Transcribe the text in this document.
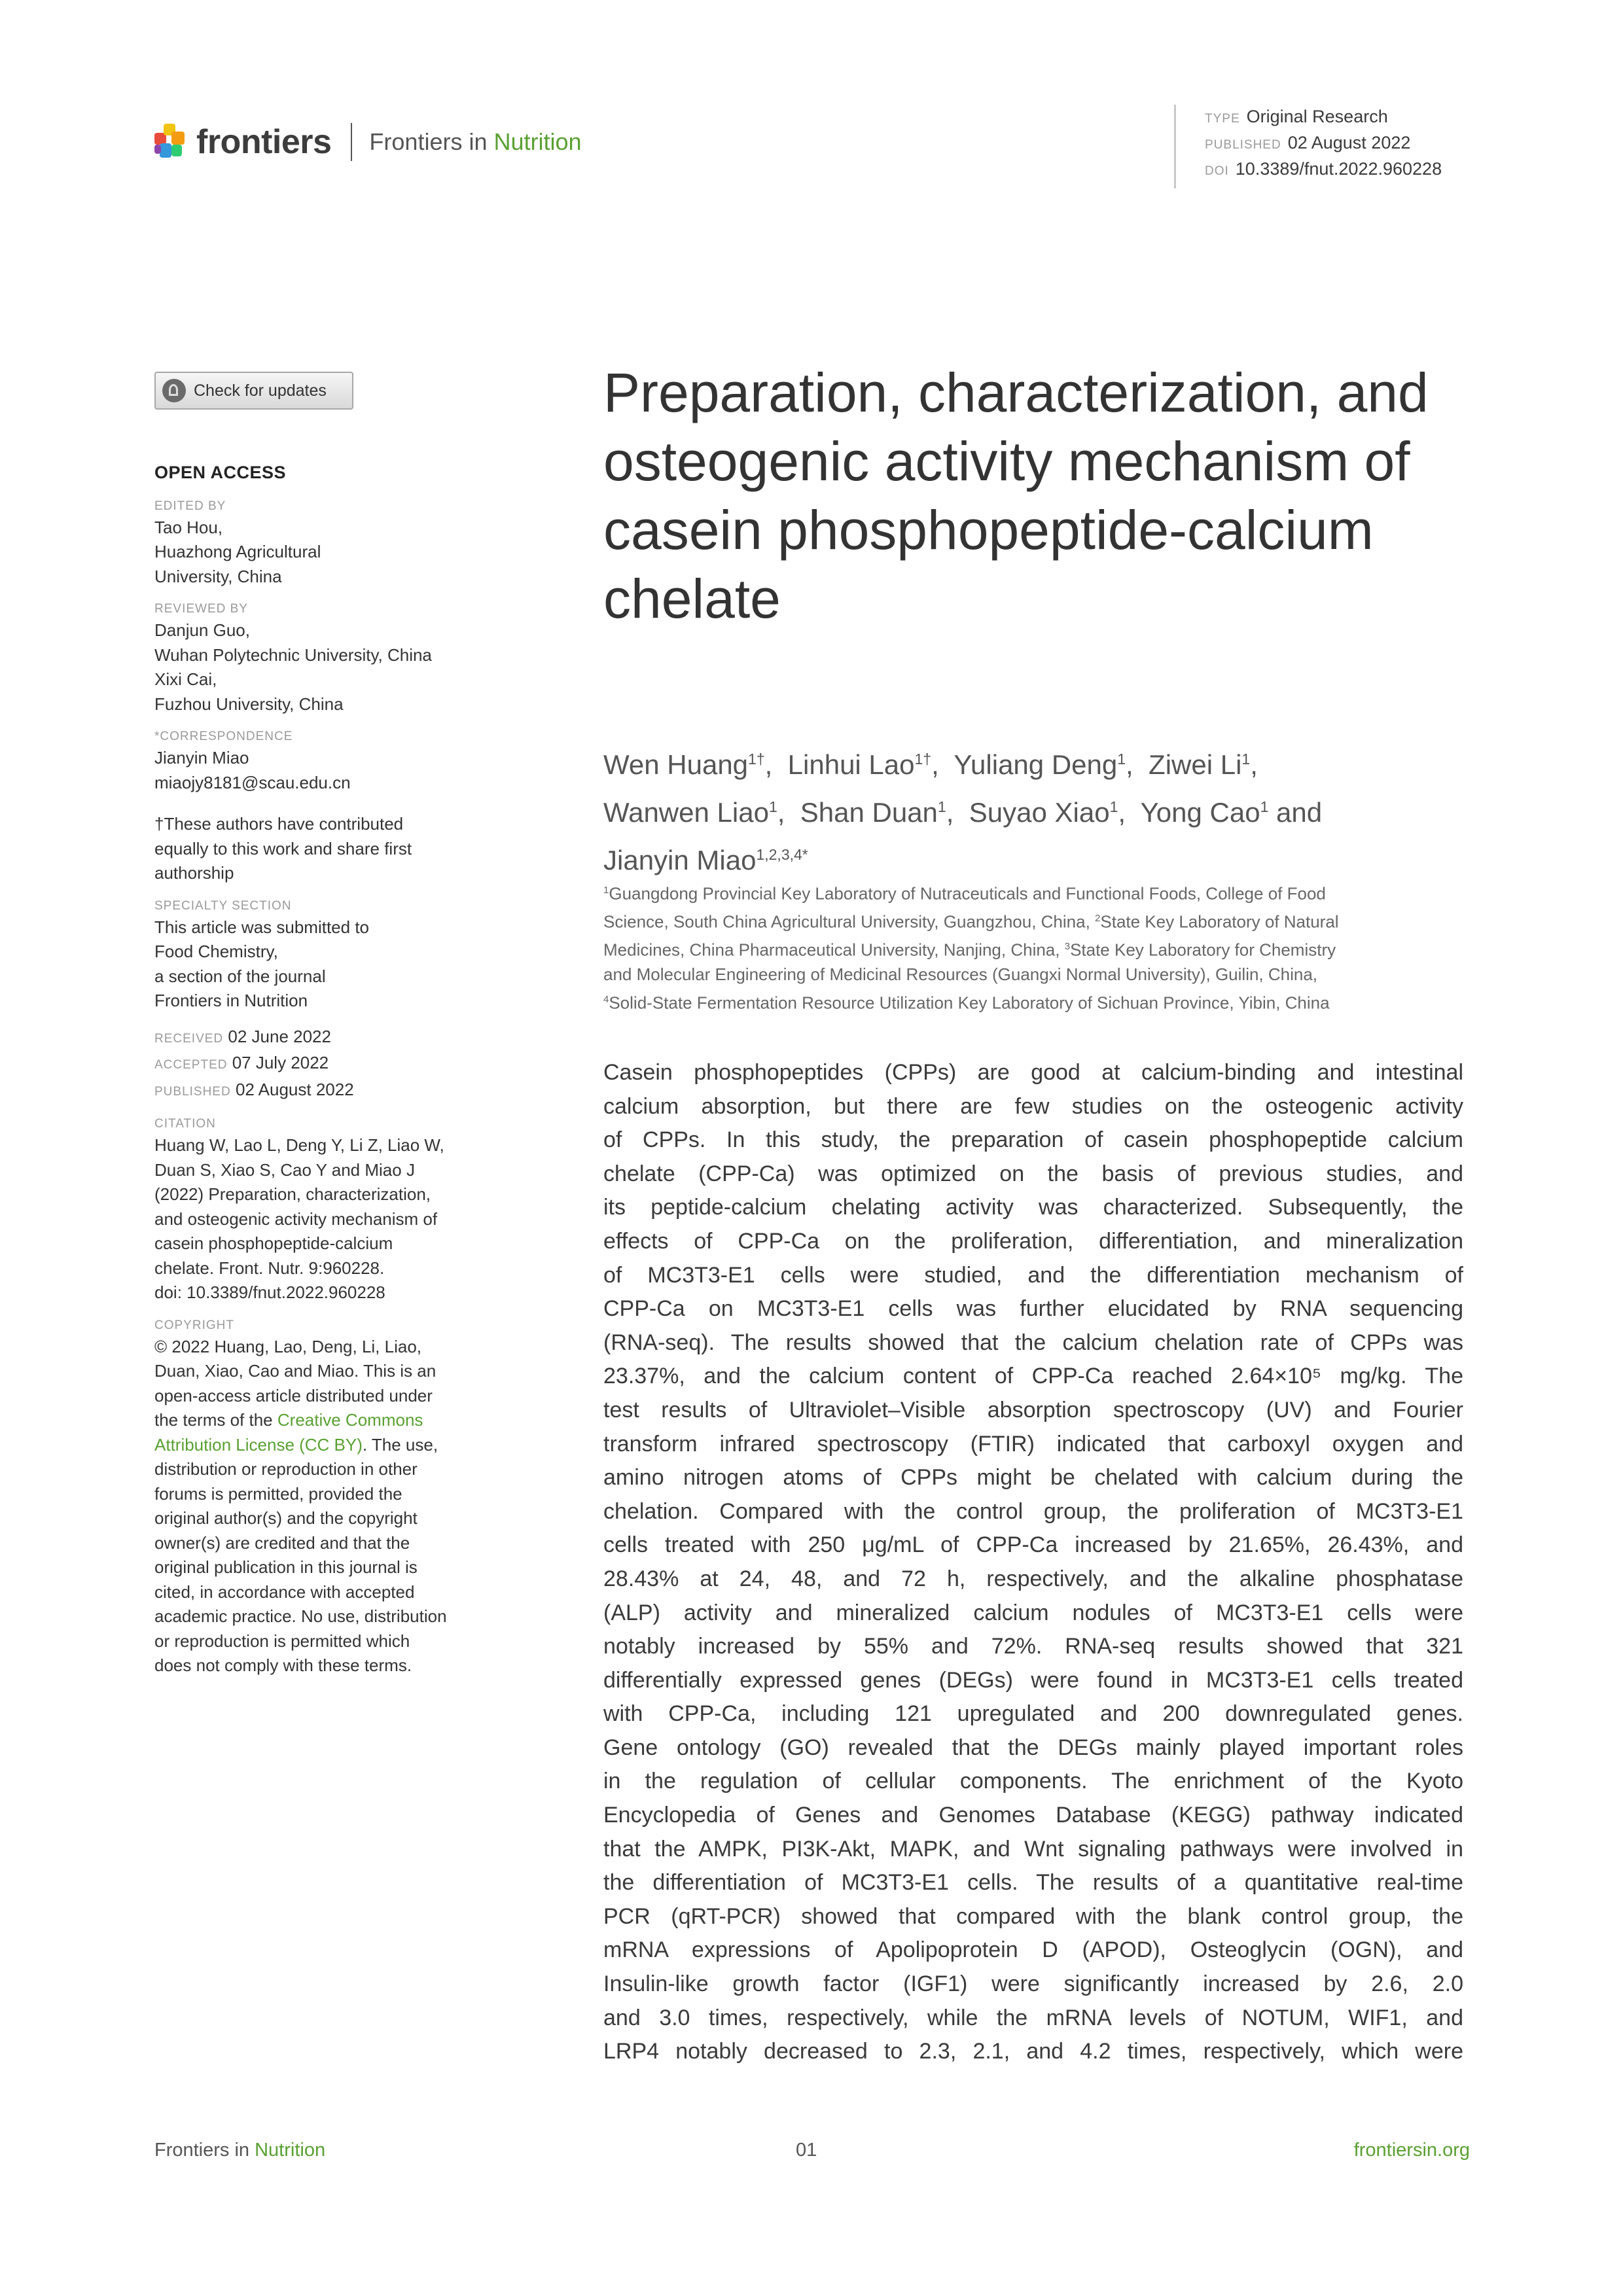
frontiers Frontiers in Nutrition
TYPE Original Research
PUBLISHED 02 August 2022
DOI 10.3389/fnut.2022.960228
Check for updates
OPEN ACCESS
EDITED BY
Tao Hou,
Huazhong Agricultural
University, China
REVIEWED BY
Danjun Guo,
Wuhan Polytechnic University, China
Xixi Cai,
Fuzhou University, China
*CORRESPONDENCE
Jianyin Miao
miaojy8181@scau.edu.cn
†These authors have contributed
equally to this work and share first
authorship
SPECIALTY SECTION
This article was submitted to
Food Chemistry,
a section of the journal
Frontiers in Nutrition
RECEIVED 02 June 2022
ACCEPTED 07 July 2022
PUBLISHED 02 August 2022
CITATION
Huang W, Lao L, Deng Y, Li Z, Liao W,
Duan S, Xiao S, Cao Y and Miao J
(2022) Preparation, characterization,
and osteogenic activity mechanism of
casein phosphopeptide-calcium
chelate. Front. Nutr. 9:960228.
doi: 10.3389/fnut.2022.960228
COPYRIGHT
© 2022 Huang, Lao, Deng, Li, Liao,
Duan, Xiao, Cao and Miao. This is an
open-access article distributed under
the terms of the Creative Commons
Attribution License (CC BY). The use,
distribution or reproduction in other
forums is permitted, provided the
original author(s) and the copyright
owner(s) are credited and that the
original publication in this journal is
cited, in accordance with accepted
academic practice. No use, distribution
or reproduction is permitted which
does not comply with these terms.
Preparation, characterization, and osteogenic activity mechanism of casein phosphopeptide-calcium chelate
Wen Huang$^{1\dagger}$, Linhui Lao$^{1\dagger}$, Yuliang Deng$^1$, Ziwei Li$^1$,
Wanwen Liao$^1$, Shan Duan$^1$, Suyao Xiao$^1$, Yong Cao$^1$ and
Jianyin Miao$^{1,2,3,4*}$
$^1$Guangdong Provincial Key Laboratory of Nutraceuticals and Functional Foods, College of Food
Science, South China Agricultural University, Guangzhou, China, $^2$State Key Laboratory of Natural
Medicines, China Pharmaceutical University, Nanjing, China, $^3$State Key Laboratory for Chemistry
and Molecular Engineering of Medicinal Resources (Guangxi Normal University), Guilin, China,
$^4$Solid-State Fermentation Resource Utilization Key Laboratory of Sichuan Province, Yibin, China
Casein phosphopeptides (CPPs) are good at calcium-binding and intestinal
calcium absorption, but there are few studies on the osteogenic activity
of CPPs. In this study, the preparation of casein phosphopeptide calcium
chelate (CPP-Ca) was optimized on the basis of previous studies, and
its peptide-calcium chelating activity was characterized. Subsequently, the
effects of CPP-Ca on the proliferation, differentiation, and mineralization
of MC3T3-E1 cells were studied, and the differentiation mechanism of
CPP-Ca on MC3T3-E1 cells was further elucidated by RNA sequencing
(RNA-seq). The results showed that the calcium chelation rate of CPPs was
23.37%, and the calcium content of CPP-Ca reached 2.64×10⁵ mg/kg. The
test results of Ultraviolet–Visible absorption spectroscopy (UV) and Fourier
transform infrared spectroscopy (FTIR) indicated that carboxyl oxygen and
amino nitrogen atoms of CPPs might be chelated with calcium during the
chelation. Compared with the control group, the proliferation of MC3T3-E1
cells treated with 250 μg/mL of CPP-Ca increased by 21.65%, 26.43%, and
28.43% at 24, 48, and 72 h, respectively, and the alkaline phosphatase
(ALP) activity and mineralized calcium nodules of MC3T3-E1 cells were
notably increased by 55% and 72%. RNA-seq results showed that 321
differentially expressed genes (DEGs) were found in MC3T3-E1 cells treated
with CPP-Ca, including 121 upregulated and 200 downregulated genes.
Gene ontology (GO) revealed that the DEGs mainly played important roles
in the regulation of cellular components. The enrichment of the Kyoto
Encyclopedia of Genes and Genomes Database (KEGG) pathway indicated
that the AMPK, PI3K-Akt, MAPK, and Wnt signaling pathways were involved in
the differentiation of MC3T3-E1 cells. The results of a quantitative real-time
PCR (qRT-PCR) showed that compared with the blank control group, the
mRNA expressions of Apolipoprotein D (APOD), Osteoglycin (OGN), and
Insulin-like growth factor (IGF1) were significantly increased by 2.6, 2.0
and 3.0 times, respectively, while the mRNA levels of NOTUM, WIF1, and
LRP4 notably decreased to 2.3, 2.1, and 4.2 times, respectively, which were
Frontiers in Nutrition	01	frontiersin.org
